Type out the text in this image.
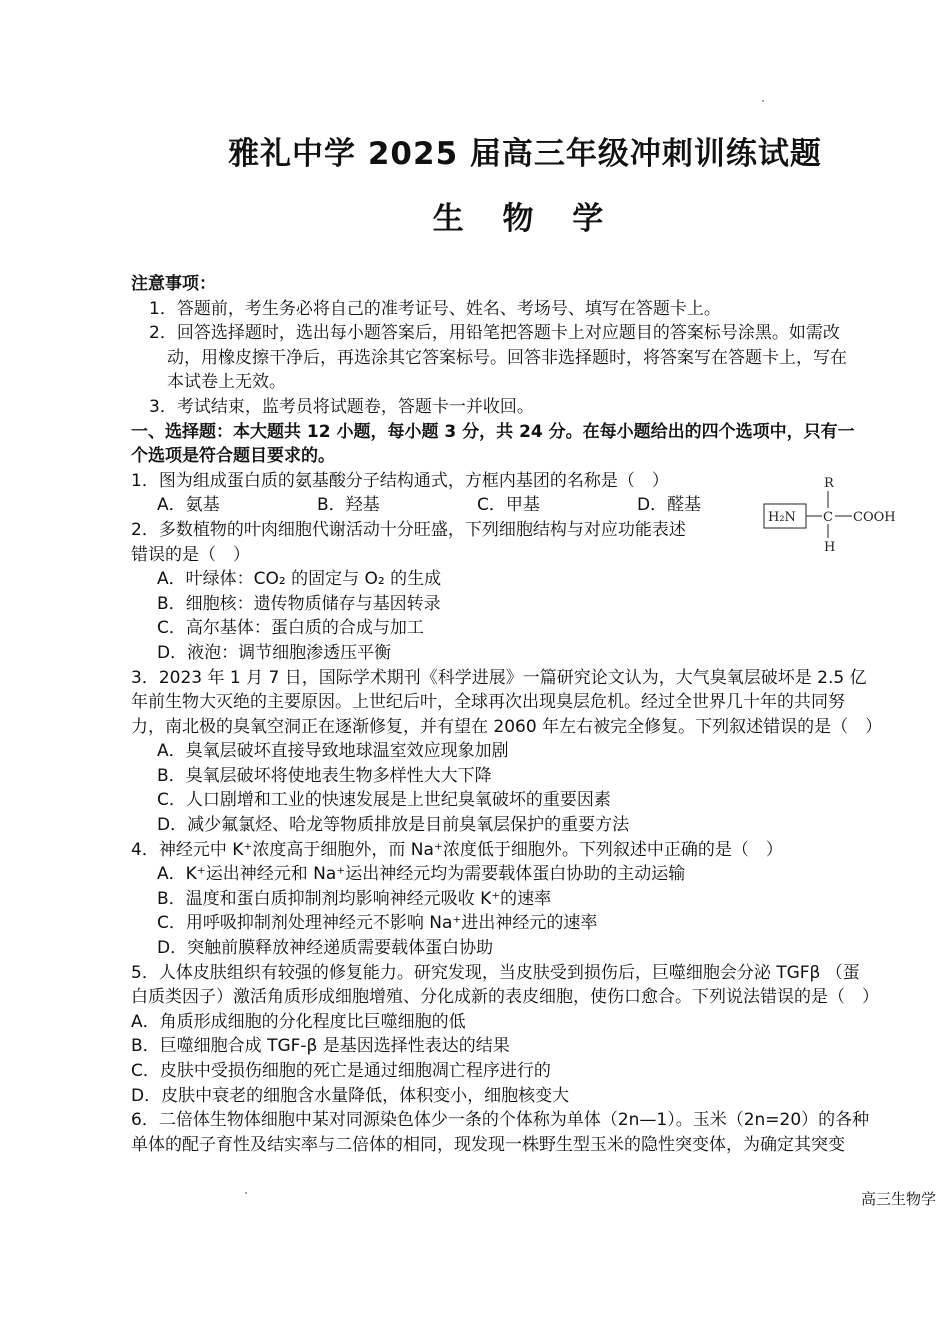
雅礼中学 2025 届高三年级冲刺训练试题
生 物 学
R
H₂N C COOH
H
注意事项：
1．答题前，考生务必将自己的准考证号、姓名、考场号、填写在答题卡上。
2．回答选择题时，选出每小题答案后，用铅笔把答题卡上对应题目的答案标号涂黑。如需改
动，用橡皮擦干净后，再选涂其它答案标号。回答非选择题时，将答案写在答题卡上，写在
本试卷上无效。
3．考试结束，监考员将试题卷，答题卡一并收回。
一、选择题：本大题共 12 小题，每小题 3 分，共 24 分。在每小题给出的四个选项中，只有一
个选项是符合题目要求的。
1．图为组成蛋白质的氨基酸分子结构通式，方框内基团的名称是（　）
A．氨基	B．羟基	C．甲基	D．醛基
2．多数植物的叶肉细胞代谢活动十分旺盛，下列细胞结构与对应功能表述
错误的是（　）
A．叶绿体：CO₂ 的固定与 O₂ 的生成
B．细胞核：遗传物质储存与基因转录
C．高尔基体：蛋白质的合成与加工
D．液泡：调节细胞渗透压平衡
3．2023 年 1 月 7 日，国际学术期刊《科学进展》一篇研究论文认为，大气臭氧层破坏是 2.5 亿
年前生物大灭绝的主要原因。上世纪后叶，全球再次出现臭层危机。经过全世界几十年的共同努
力，南北极的臭氧空洞正在逐渐修复，并有望在 2060 年左右被完全修复。下列叙述错误的是（　）
A．臭氧层破坏直接导致地球温室效应现象加剧
B．臭氧层破坏将使地表生物多样性大大下降
C．人口剧增和工业的快速发展是上世纪臭氧破坏的重要因素
D．减少氟氯烃、哈龙等物质排放是目前臭氧层保护的重要方法
4．神经元中 K⁺浓度高于细胞外，而 Na⁺浓度低于细胞外。下列叙述中正确的是（　）
A．K⁺运出神经元和 Na⁺运出神经元均为需要载体蛋白协助的主动运输
B．温度和蛋白质抑制剂均影响神经元吸收 K⁺的速率
C．用呼吸抑制剂处理神经元不影响 Na⁺进出神经元的速率
D．突触前膜释放神经递质需要载体蛋白协助
5．人体皮肤组织有较强的修复能力。研究发现，当皮肤受到损伤后，巨噬细胞会分泌 TGFβ （蛋
白质类因子）激活角质形成细胞增殖、分化成新的表皮细胞，使伤口愈合。下列说法错误的是（　）
A．角质形成细胞的分化程度比巨噬细胞的低
B．巨噬细胞合成 TGF-β 是基因选择性表达的结果
C．皮肤中受损伤细胞的死亡是通过细胞凋亡程序进行的
D．皮肤中衰老的细胞含水量降低，体积变小，细胞核变大
6．二倍体生物体细胞中某对同源染色体少一条的个体称为单体（2n—1）。玉米（2n=20）的各种
单体的配子育性及结实率与二倍体的相同，现发现一株野生型玉米的隐性突变体，为确定其突变
高三生物学
